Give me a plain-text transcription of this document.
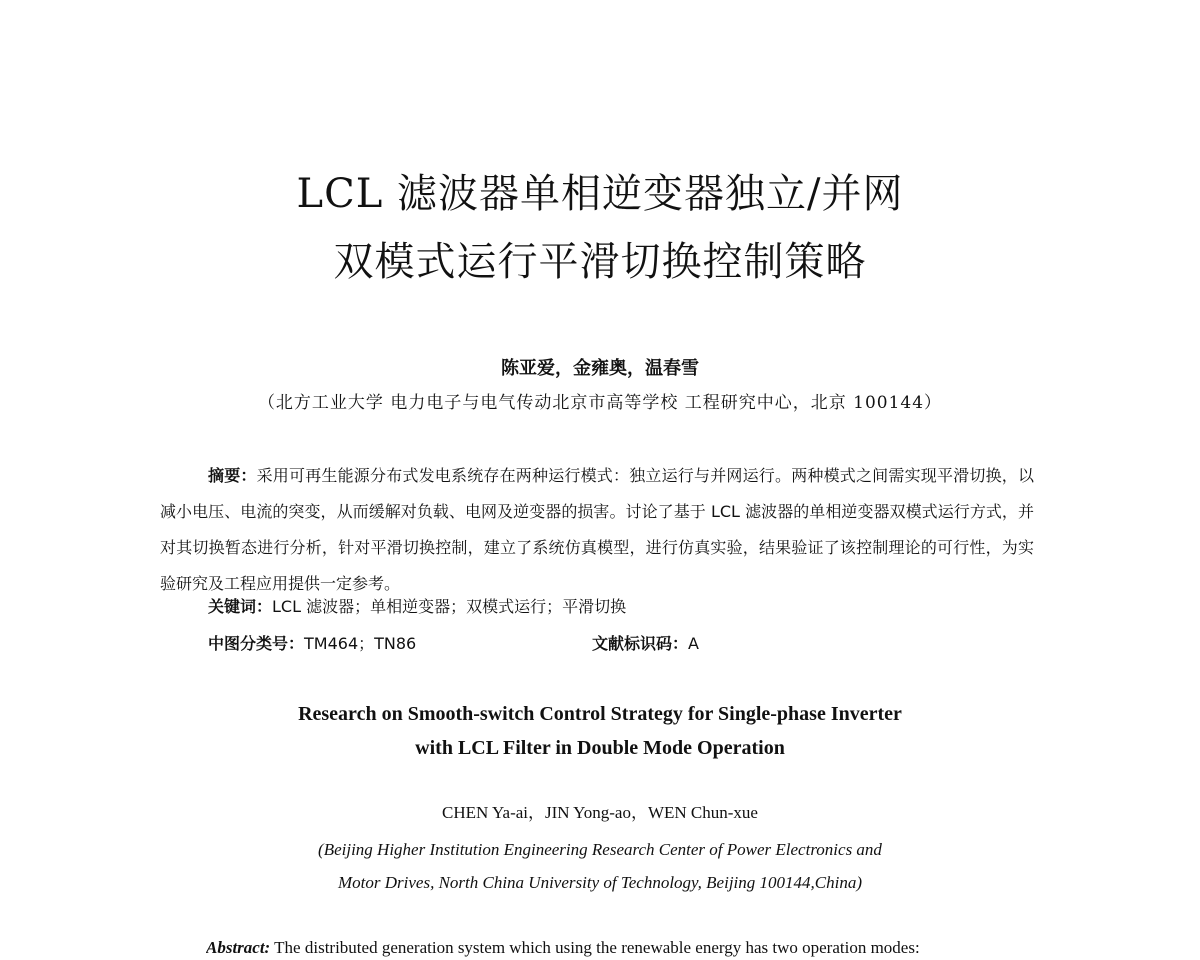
LCL 滤波器单相逆变器独立/并网
双模式运行平滑切换控制策略
陈亚爱，金雍奥，温春雪
（北方工业大学 电力电子与电气传动北京市高等学校 工程研究中心，北京 100144）
摘要：采用可再生能源分布式发电系统存在两种运行模式：独立运行与并网运行。两种模式之间需实现平滑切换，以减小电压、电流的突变，从而缓解对负载、电网及逆变器的损害。讨论了基于 LCL 滤波器的单相逆变器双模式运行方式，并对其切换暂态进行分析，针对平滑切换控制，建立了系统仿真模型，进行仿真实验，结果验证了该控制理论的可行性，为实验研究及工程应用提供一定参考。
关键词：LCL 滤波器；单相逆变器；双模式运行；平滑切换
中图分类号：TM464；TN86	文献标识码：A
Research on Smooth-switch Control Strategy for Single-phase Inverter
with LCL Filter in Double Mode Operation
CHEN Ya-ai，JIN Yong-ao，WEN Chun-xue
(Beijing Higher Institution Engineering Research Center of Power Electronics and
Motor Drives, North China University of Technology, Beijing 100144,China)
Abstract: The distributed generation system which using the renewable energy has two operation modes:
